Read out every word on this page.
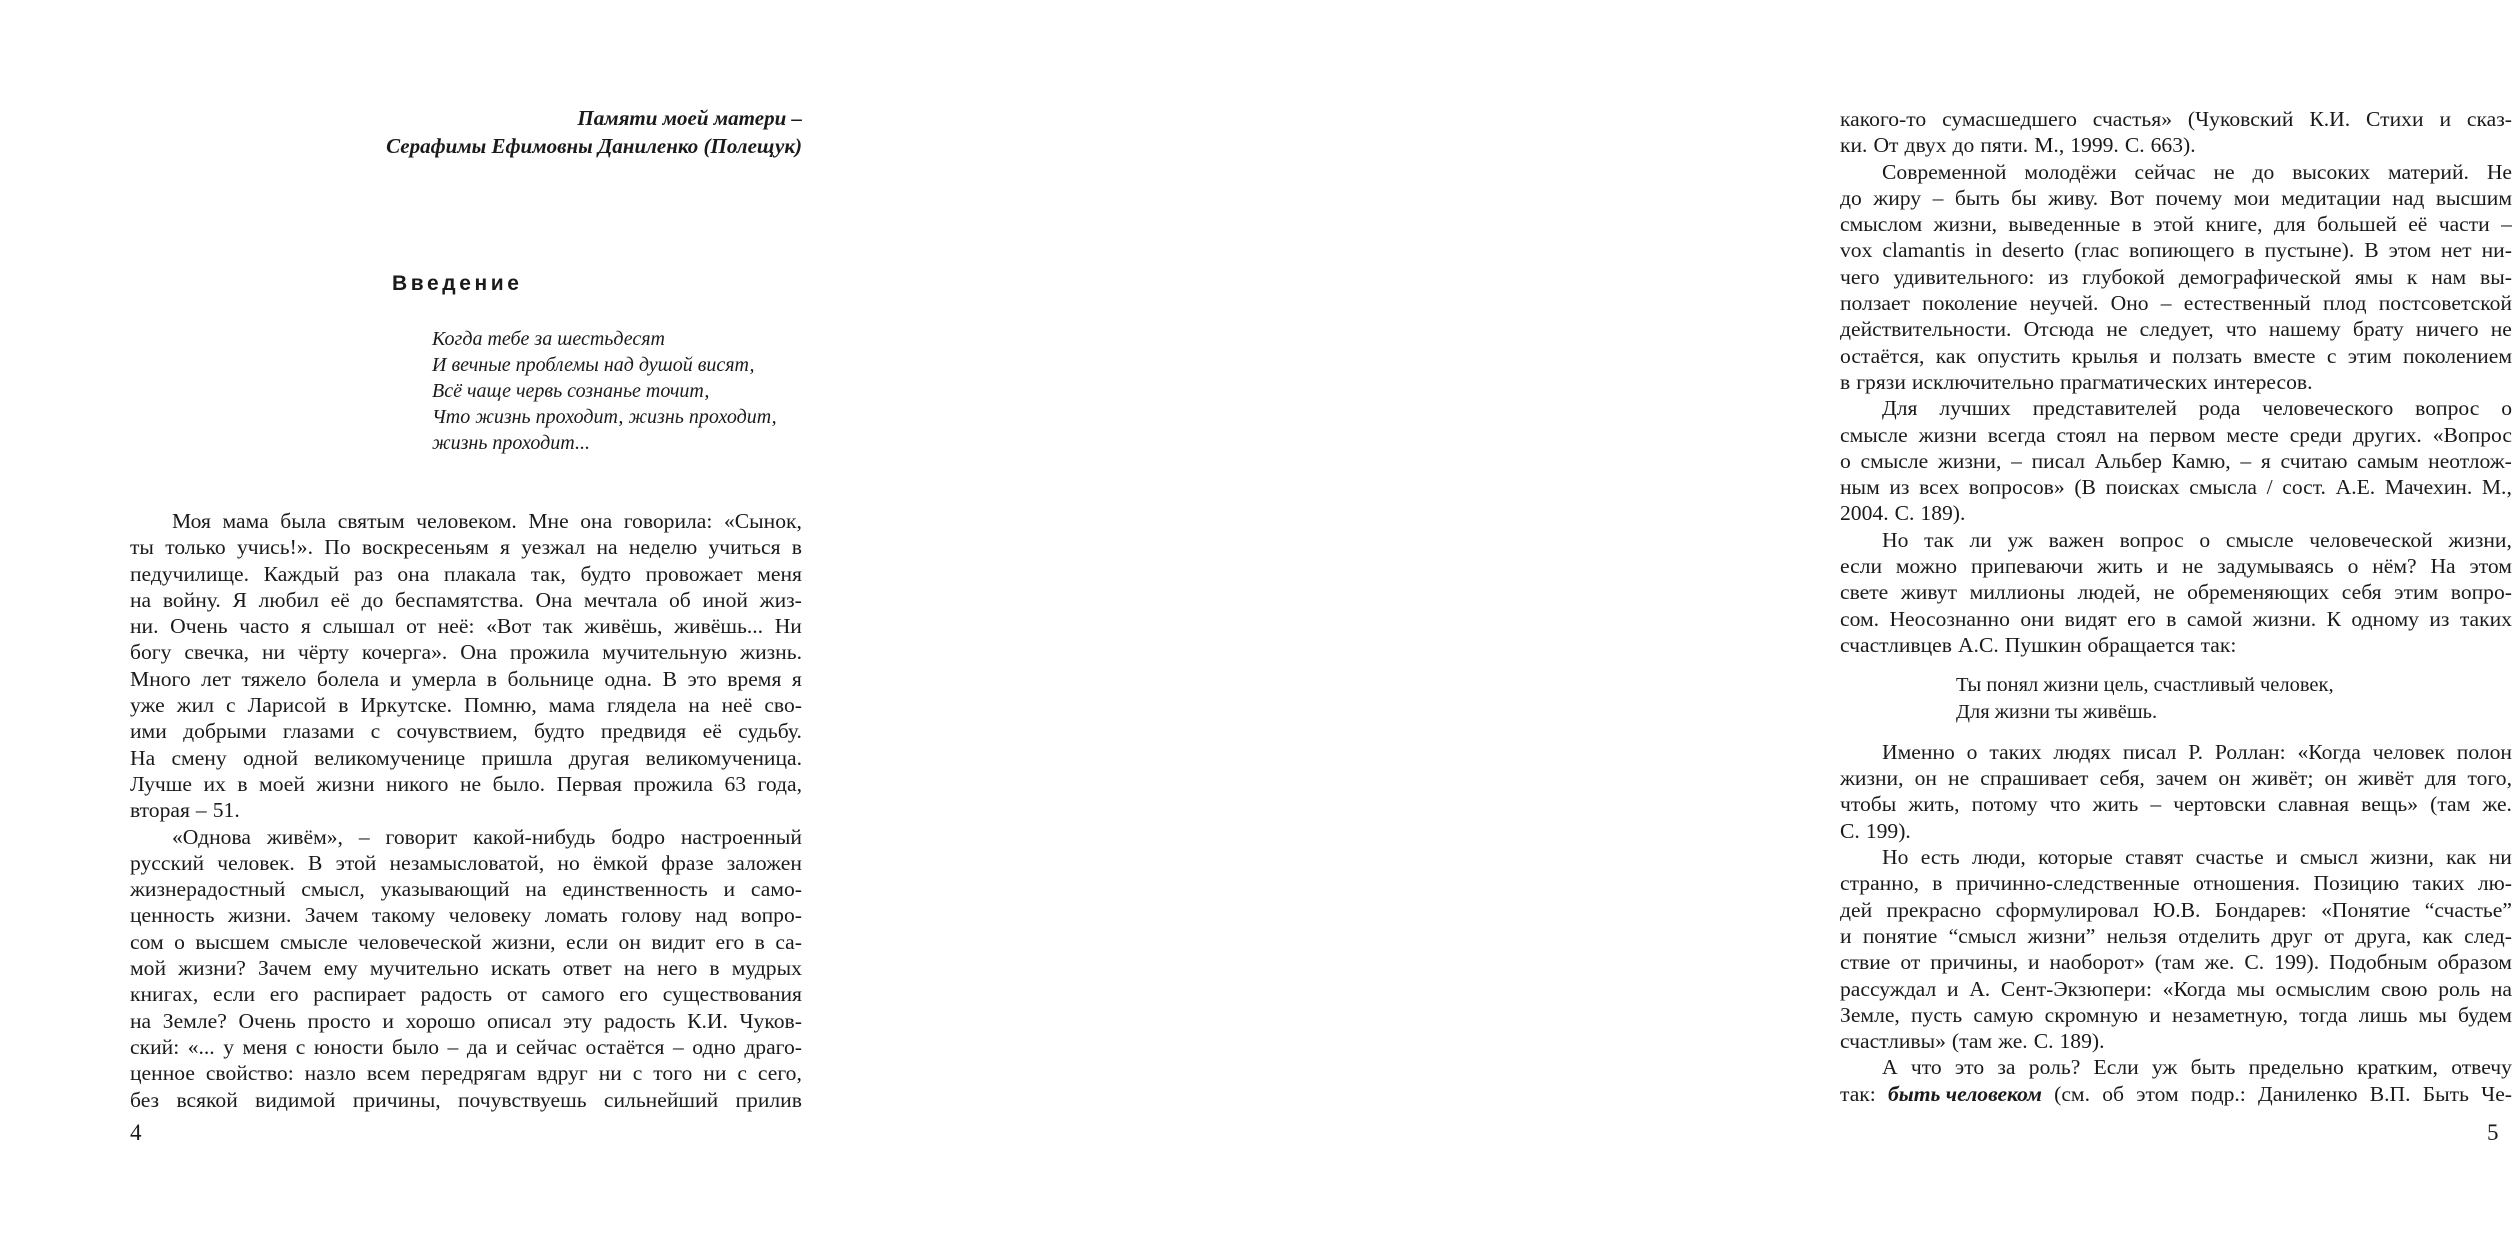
Памяти моей матери –
Серафимы Ефимовны Даниленко (Полещук)
Введение
Когда тебе за шестьдесят
И вечные проблемы над душой висят,
Всё чаще червь сознанье точит,
Что жизнь проходит, жизнь проходит,
жизнь проходит...
Моя мама была святым человеком. Мне она говорила: «Сынок,
ты только учись!». По воскресеньям я уезжал на неделю учиться в
педучилище. Каждый раз она плакала так, будто провожает меня
на войну. Я любил её до беспамятства. Она мечтала об иной жиз-
ни. Очень часто я слышал от неё: «Вот так живёшь, живёшь... Ни
богу свечка, ни чёрту кочерга». Она прожила мучительную жизнь.
Много лет тяжело болела и умерла в больнице одна. В это время я
уже жил с Ларисой в Иркутске. Помню, мама глядела на неё сво-
ими добрыми глазами с сочувствием, будто предвидя её судьбу.
На смену одной великомученице пришла другая великомученица.
Лучше их в моей жизни никого не было. Первая прожила 63 года,
вторая – 51.
«Однова живём», – говорит какой-нибудь бодро настроенный
русский человек. В этой незамысловатой, но ёмкой фразе заложен
жизнерадостный смысл, указывающий на единственность и само-
ценность жизни. Зачем такому человеку ломать голову над вопро-
сом о высшем смысле человеческой жизни, если он видит его в са-
мой жизни? Зачем ему мучительно искать ответ на него в мудрых
книгах, если его распирает радость от самого его существования
на Земле? Очень просто и хорошо описал эту радость К.И. Чуков-
ский: «... у меня с юности было – да и сейчас остаётся – одно драго-
ценное свойство: назло всем передрягам вдруг ни с того ни с сего,
без всякой видимой причины, почувствуешь сильнейший прилив
4
какого-то сумасшедшего счастья» (Чуковский К.И. Стихи и сказ-
ки. От двух до пяти. М., 1999. С. 663).
Современной молодёжи сейчас не до высоких материй. Не
до жиру – быть бы живу. Вот почему мои медитации над высшим
смыслом жизни, выведенные в этой книге, для большей её части –
vox clamantis in deserto (глас вопиющего в пустыне). В этом нет ни-
чего удивительного: из глубокой демографической ямы к нам вы-
ползает поколение неучей. Оно – естественный плод постсоветской
действительности. Отсюда не следует, что нашему брату ничего не
остаётся, как опустить крылья и ползать вместе с этим поколением
в грязи исключительно прагматических интересов.
Для лучших представителей рода человеческого вопрос о
смысле жизни всегда стоял на первом месте среди других. «Вопрос
о смысле жизни, – писал Альбер Камю, – я считаю самым неотлож-
ным из всех вопросов» (В поисках смысла / сост. А.Е. Мачехин. М.,
2004. С. 189).
Но так ли уж важен вопрос о смысле человеческой жизни,
если можно припеваючи жить и не задумываясь о нём? На этом
свете живут миллионы людей, не обременяющих себя этим вопро-
сом. Неосознанно они видят его в самой жизни. К одному из таких
счастливцев А.С. Пушкин обращается так:
Ты понял жизни цель, счастливый человек,
Для жизни ты живёшь.
Именно о таких людях писал Р. Роллан: «Когда человек полон
жизни, он не спрашивает себя, зачем он живёт; он живёт для того,
чтобы жить, потому что жить – чертовски славная вещь» (там же.
С. 199).
Но есть люди, которые ставят счастье и смысл жизни, как ни
странно, в причинно-следственные отношения. Позицию таких лю-
дей прекрасно сформулировал Ю.В. Бондарев: «Понятие “счастье”
и понятие “смысл жизни” нельзя отделить друг от друга, как след-
ствие от причины, и наоборот» (там же. С. 199). Подобным образом
рассуждал и А. Сент-Экзюпери: «Когда мы осмыслим свою роль на
Земле, пусть самую скромную и незаметную, тогда лишь мы будем
счастливы» (там же. С. 189).
А что это за роль? Если уж быть предельно кратким, отвечу
так: быть человеком (см. об этом подр.: Даниленко В.П. Быть Че-
5
